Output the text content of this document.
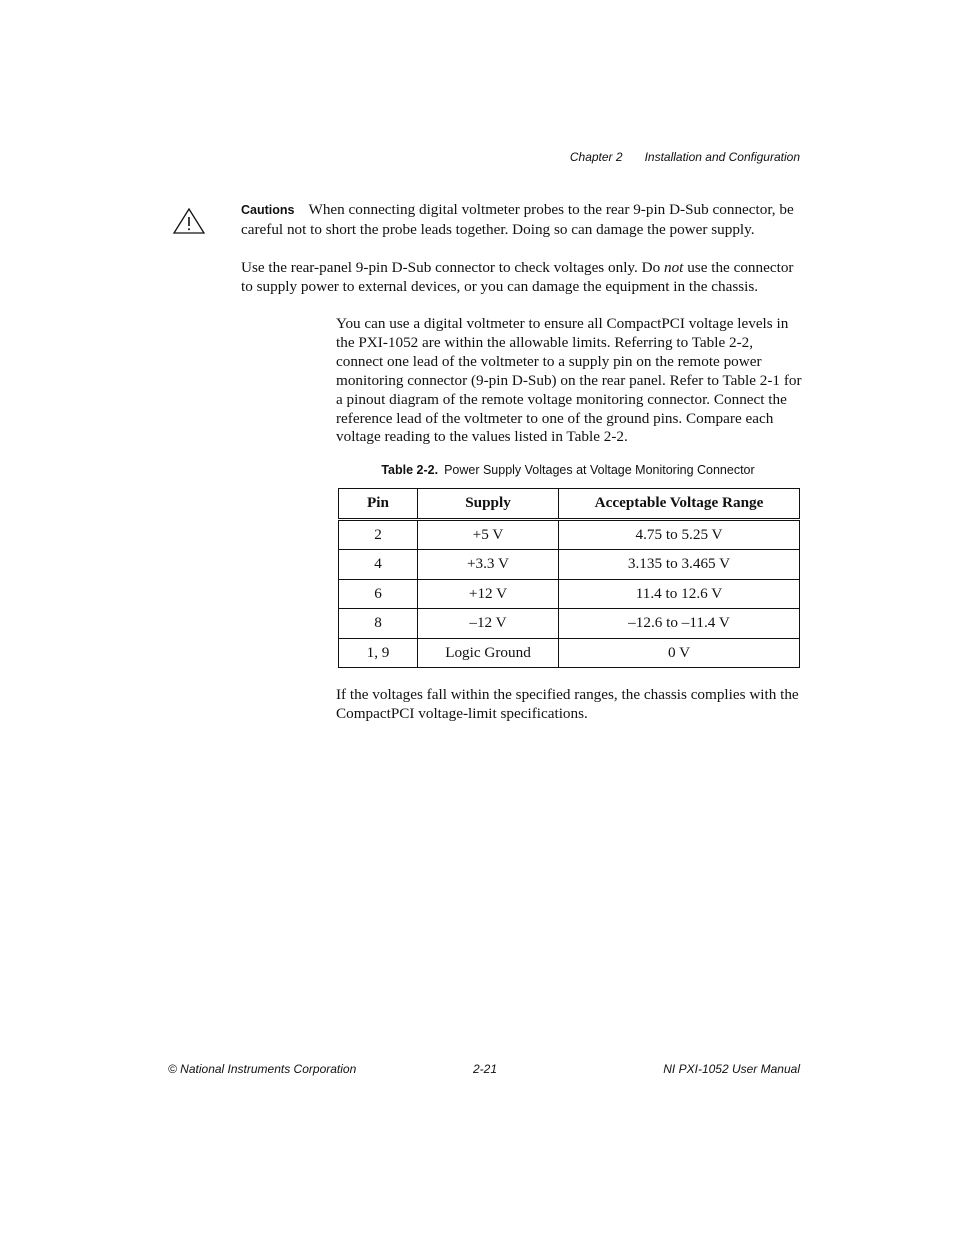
Chapter 2 Installation and Configuration

Cautions When connecting digital voltmeter probes to the rear 9-pin D-Sub connector, be careful not to short the probe leads together. Doing so can damage the power supply.

Use the rear-panel 9-pin D-Sub connector to check voltages only. Do not use the connector to supply power to external devices, or you can damage the equipment in the chassis.

You can use a digital voltmeter to ensure all CompactPCI voltage levels in the PXI-1052 are within the allowable limits. Referring to Table 2-2, connect one lead of the voltmeter to a supply pin on the remote power monitoring connector (9-pin D-Sub) on the rear panel. Refer to Table 2-1 for a pinout diagram of the remote voltage monitoring connector. Connect the reference lead of the voltmeter to one of the ground pins. Compare each voltage reading to the values listed in Table 2-2.

Table 2-2. Power Supply Voltages at Voltage Monitoring Connector
Pin	Supply	Acceptable Voltage Range
2	+5 V	4.75 to 5.25 V
4	+3.3 V	3.135 to 3.465 V
6	+12 V	11.4 to 12.6 V
8	–12 V	–12.6 to –11.4 V
1, 9	Logic Ground	0 V

If the voltages fall within the specified ranges, the chassis complies with the CompactPCI voltage-limit specifications.

© National Instruments Corporation	2-21	NI PXI-1052 User Manual
